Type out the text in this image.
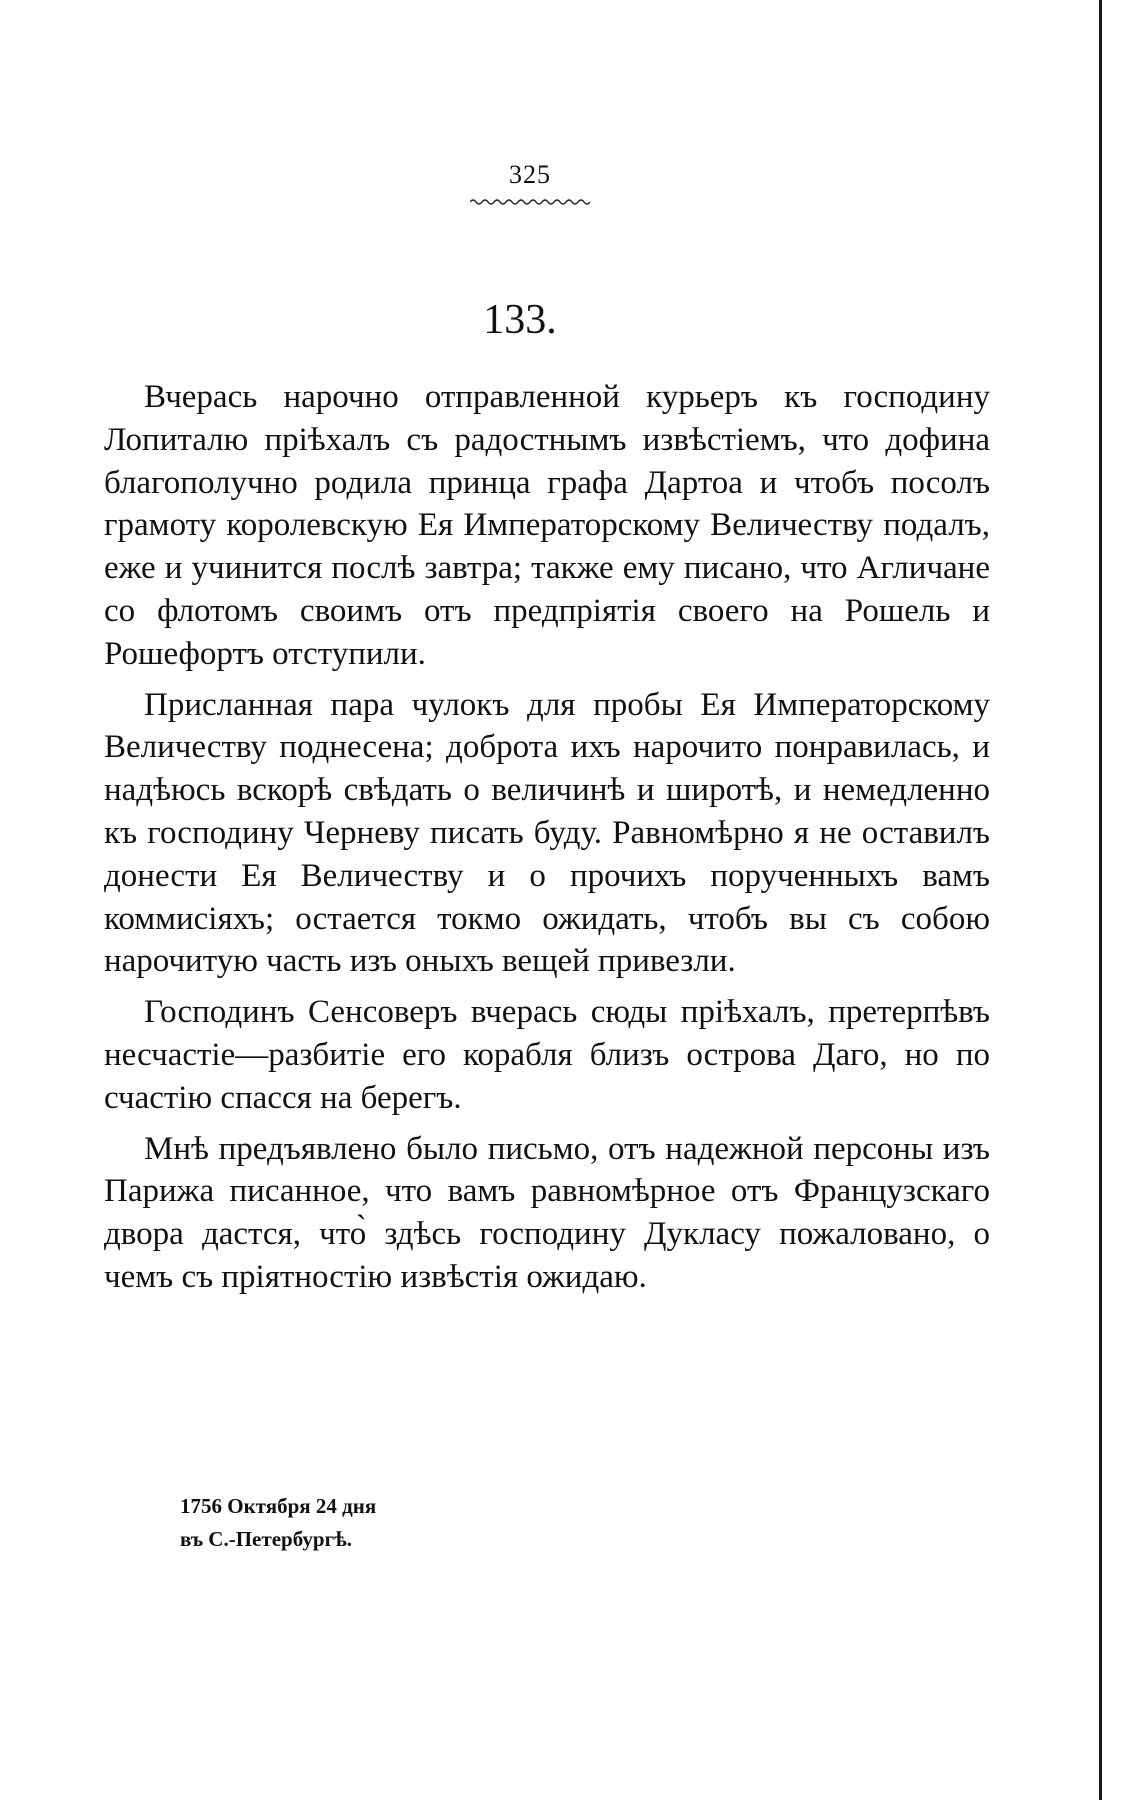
325
133.

Вчерась нарочно отправленной курьеръ къ господину Лопиталю прiѣхалъ съ радостнымъ извѣстiемъ, что дофина благополучно родила принца графа Дартоа и чтобъ посолъ грамоту королевскую Ея Императорскому Величеству подалъ, еже и учинится послѣ завтра; также ему писано, что Агличане со флотомъ своимъ отъ предпрiятiя своего на Рошель и Рошефортъ отступили.

Присланная пара чулокъ для пробы Ея Императорскому Величеству поднесена; доброта ихъ нарочито понравилась, и надѣюсь вскорѣ свѣдать о величинѣ и широтѣ, и немедленно къ господину Черневу писать буду. Равномѣрно я не оставилъ донести Ея Величеству и о прочихъ порученныхъ вамъ коммисiяхъ; остается токмо ожидать, чтобъ вы съ собою нарочитую часть изъ оныхъ вещей привезли.

Господинъ Сенсоверъ вчерась сюды прiѣхалъ, претерпѣвъ несчастiе—разбитiе его корабля близъ острова Даго, но по счастiю спасся на берегъ.

Мнѣ предъявлено было письмо, отъ надежной персоны изъ Парижа писанное, что вамъ равномѣрное отъ Французскаго двора дастся, что̀ здѣсь господину Дукласу пожаловано, о чемъ съ прiятностiю извѣстiя ожидаю.

1756 Октября 24 дня
въ С.-Петербургѣ.
